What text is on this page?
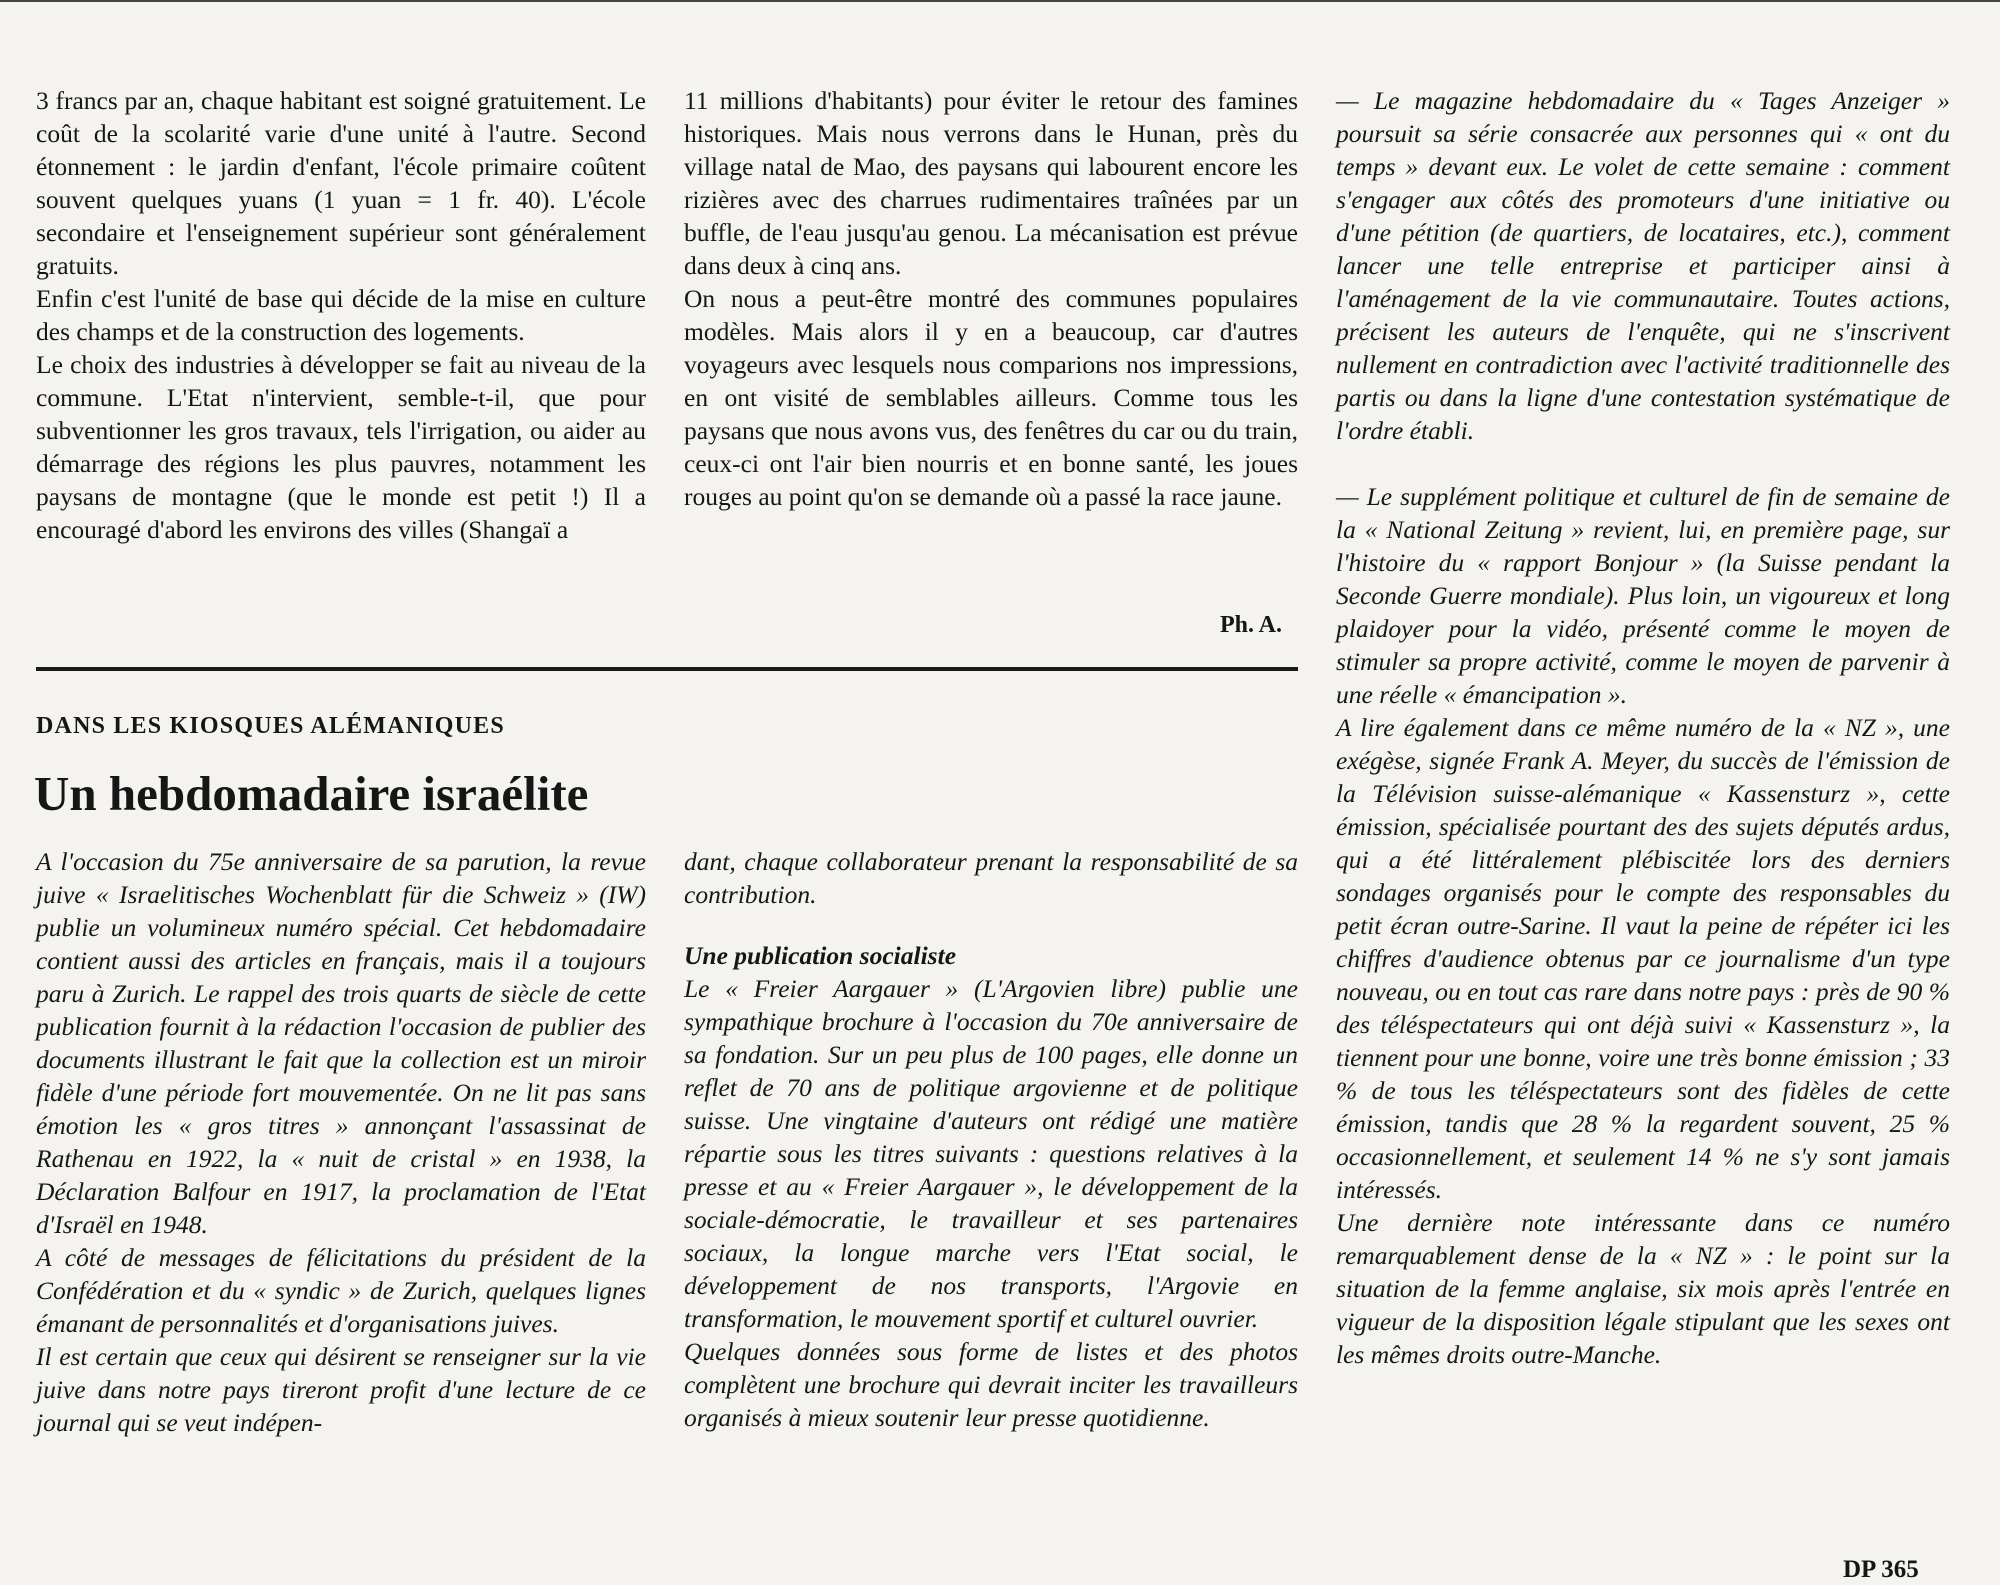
3 francs par an, chaque habitant est soigné gratuitement. Le coût de la scolarité varie d'une unité à l'autre. Second étonnement : le jardin d'enfant, l'école primaire coûtent souvent quelques yuans (1 yuan = 1 fr. 40). L'école secondaire et l'enseignement supérieur sont généralement gratuits.

Enfin c'est l'unité de base qui décide de la mise en culture des champs et de la construction des logements.

Le choix des industries à développer se fait au niveau de la commune. L'Etat n'intervient, semble-t-il, que pour subventionner les gros travaux, tels l'irrigation, ou aider au démarrage des régions les plus pauvres, notamment les paysans de montagne (que le monde est petit !) Il a encouragé d'abord les environs des villes (Shangaï a

11 millions d'habitants) pour éviter le retour des famines historiques. Mais nous verrons dans le Hunan, près du village natal de Mao, des paysans qui labourent encore les rizières avec des charrues rudimentaires traînées par un buffle, de l'eau jusqu'au genou. La mécanisation est prévue dans deux à cinq ans.

On nous a peut-être montré des communes populaires modèles. Mais alors il y en a beaucoup, car d'autres voyageurs avec lesquels nous comparions nos impressions, en ont visité de semblables ailleurs. Comme tous les paysans que nous avons vus, des fenêtres du car ou du train, ceux-ci ont l'air bien nourris et en bonne santé, les joues rouges au point qu'on se demande où a passé la race jaune.

Ph. A.
DANS LES KIOSQUES ALÉMANIQUES
Un hebdomadaire israélite

A l'occasion du 75e anniversaire de sa parution, la revue juive « Israelitisches Wochenblatt für die Schweiz » (IW) publie un volumineux numéro spécial. Cet hebdomadaire contient aussi des articles en français, mais il a toujours paru à Zurich. Le rappel des trois quarts de siècle de cette publication fournit à la rédaction l'occasion de publier des documents illustrant le fait que la collection est un miroir fidèle d'une période fort mouvementée. On ne lit pas sans émotion les « gros titres » annonçant l'assassinat de Rathenau en 1922, la « nuit de cristal » en 1938, la Déclaration Balfour en 1917, la proclamation de l'Etat d'Israël en 1948.

A côté de messages de félicitations du président de la Confédération et du « syndic » de Zurich, quelques lignes émanant de personnalités et d'organisations juives.

Il est certain que ceux qui désirent se renseigner sur la vie juive dans notre pays tireront profit d'une lecture de ce journal qui se veut indépen-

dant, chaque collaborateur prenant la responsabilité de sa contribution.

Une publication socialiste

Le « Freier Aargauer » (L'Argovien libre) publie une sympathique brochure à l'occasion du 70e anniversaire de sa fondation. Sur un peu plus de 100 pages, elle donne un reflet de 70 ans de politique argovienne et de politique suisse. Une vingtaine d'auteurs ont rédigé une matière répartie sous les titres suivants : questions relatives à la presse et au « Freier Aargauer », le développement de la sociale-démocratie, le travailleur et ses partenaires sociaux, la longue marche vers l'Etat social, le développement de nos transports, l'Argovie en transformation, le mouvement sportif et culturel ouvrier.

Quelques données sous forme de listes et des photos complètent une brochure qui devrait inciter les travailleurs organisés à mieux soutenir leur presse quotidienne.

— Le magazine hebdomadaire du « Tages Anzeiger » poursuit sa série consacrée aux personnes qui « ont du temps » devant eux. Le volet de cette semaine : comment s'engager aux côtés des promoteurs d'une initiative ou d'une pétition (de quartiers, de locataires, etc.), comment lancer une telle entreprise et participer ainsi à l'aménagement de la vie communautaire. Toutes actions, précisent les auteurs de l'enquête, qui ne s'inscrivent nullement en contradiction avec l'activité traditionnelle des partis ou dans la ligne d'une contestation systématique de l'ordre établi.

— Le supplément politique et culturel de fin de semaine de la « National Zeitung » revient, lui, en première page, sur l'histoire du « rapport Bonjour » (la Suisse pendant la Seconde Guerre mondiale). Plus loin, un vigoureux et long plaidoyer pour la vidéo, présenté comme le moyen de stimuler sa propre activité, comme le moyen de parvenir à une réelle « émancipation ».

A lire également dans ce même numéro de la « NZ », une exégèse, signée Frank A. Meyer, du succès de l'émission de la Télévision suisse-alémanique « Kassensturz », cette émission, spécialisée pourtant des des sujets députés ardus, qui a été littéralement plébiscitée lors des derniers sondages organisés pour le compte des responsables du petit écran outre-Sarine. Il vaut la peine de répéter ici les chiffres d'audience obtenus par ce journalisme d'un type nouveau, ou en tout cas rare dans notre pays : près de 90 % des téléspectateurs qui ont déjà suivi « Kassensturz », la tiennent pour une bonne, voire une très bonne émission ; 33 % de tous les téléspectateurs sont des fidèles de cette émission, tandis que 28 % la regardent souvent, 25 % occasionnellement, et seulement 14 % ne s'y sont jamais intéressés.

Une dernière note intéressante dans ce numéro remarquablement dense de la « NZ » : le point sur la situation de la femme anglaise, six mois après l'entrée en vigueur de la disposition légale stipulant que les sexes ont les mêmes droits outre-Manche.

DP 365
